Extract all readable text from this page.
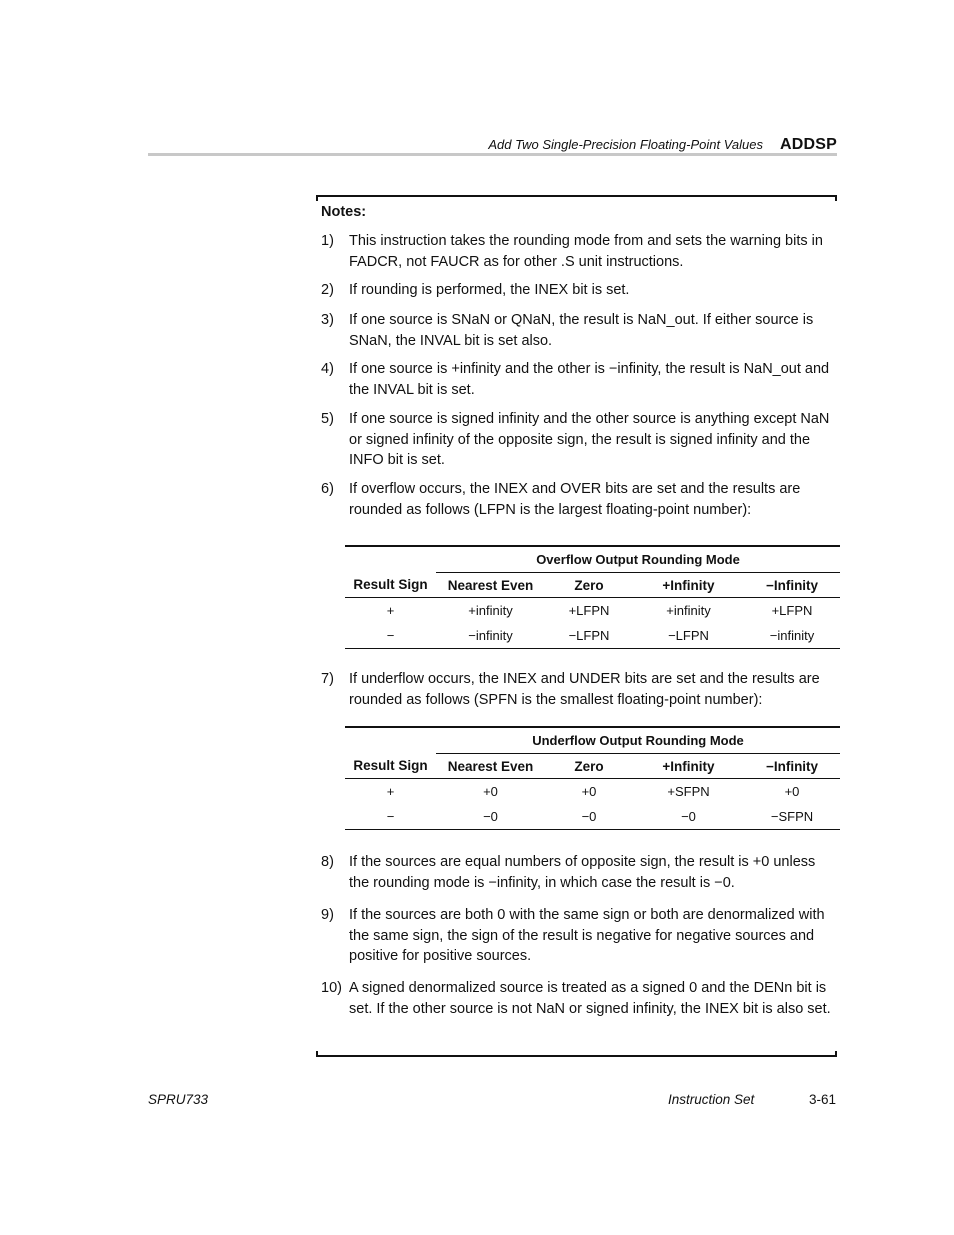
Add Two Single-Precision Floating-Point Values ADDSP
Notes:
1) This instruction takes the rounding mode from and sets the warning bits in FADCR, not FAUCR as for other .S unit instructions.
2) If rounding is performed, the INEX bit is set.
3) If one source is SNaN or QNaN, the result is NaN_out. If either source is SNaN, the INVAL bit is set also.
4) If one source is +infinity and the other is −infinity, the result is NaN_out and the INVAL bit is set.
5) If one source is signed infinity and the other source is anything except NaN or signed infinity of the opposite sign, the result is signed infinity and the INFO bit is set.
6) If overflow occurs, the INEX and OVER bits are set and the results are rounded as follows (LFPN is the largest floating-point number):
	Overflow Output Rounding Mode			
Result Sign	Nearest Even	Zero	+Infinity	−Infinity
+	+infinity	+LFPN	+infinity	+LFPN
−	−infinity	−LFPN	−LFPN	−infinity
7) If underflow occurs, the INEX and UNDER bits are set and the results are rounded as follows (SPFN is the smallest floating-point number):
	Underflow Output Rounding Mode			
Result Sign	Nearest Even	Zero	+Infinity	−Infinity
+	+0	+0	+SFPN	+0
−	−0	−0	−0	−SFPN
8) If the sources are equal numbers of opposite sign, the result is +0 unless the rounding mode is −infinity, in which case the result is −0.
9) If the sources are both 0 with the same sign or both are denormalized with the same sign, the sign of the result is negative for negative sources and positive for positive sources.
10) A signed denormalized source is treated as a signed 0 and the DENn bit is set. If the other source is not NaN or signed infinity, the INEX bit is also set.
SPRU733	Instruction Set	3-61
